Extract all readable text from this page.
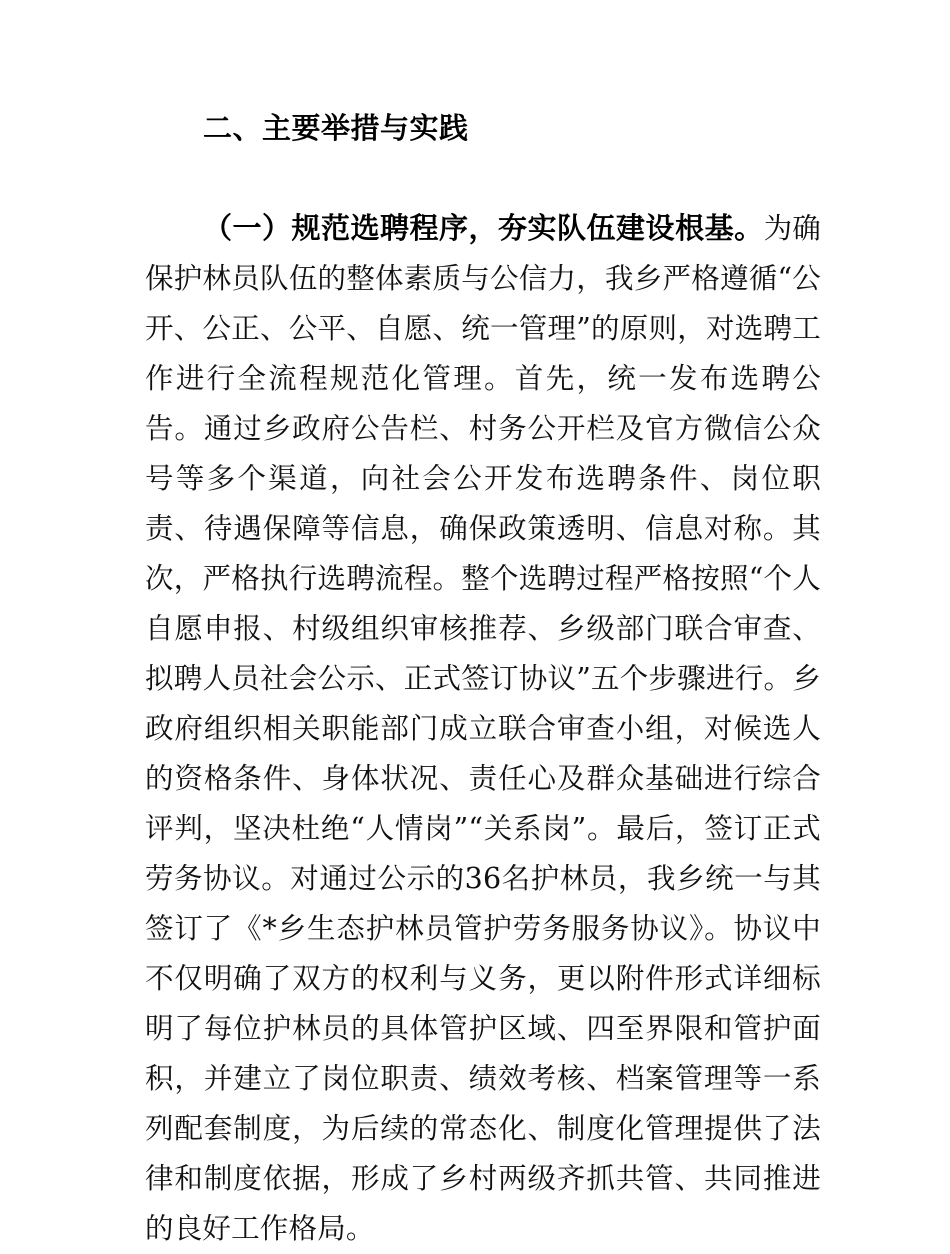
二、主要举措与实践

（一）规范选聘程序，夯实队伍建设根基。为确保护林员队伍的整体素质与公信力，我乡严格遵循“公开、公正、公平、自愿、统一管理”的原则，对选聘工作进行全流程规范化管理。首先，统一发布选聘公告。通过乡政府公告栏、村务公开栏及官方微信公众号等多个渠道，向社会公开发布选聘条件、岗位职责、待遇保障等信息，确保政策透明、信息对称。其次，严格执行选聘流程。整个选聘过程严格按照“个人自愿申报、村级组织审核推荐、乡级部门联合审查、拟聘人员社会公示、正式签订协议”五个步骤进行。乡政府组织相关职能部门成立联合审查小组，对候选人的资格条件、身体状况、责任心及群众基础进行综合评判，坚决杜绝“人情岗”“关系岗”。最后，签订正式劳务协议。对通过公示的36名护林员，我乡统一与其签订了《*乡生态护林员管护劳务服务协议》。协议中不仅明确了双方的权利与义务，更以附件形式详细标明了每位护林员的具体管护区域、四至界限和管护面积，并建立了岗位职责、绩效考核、档案管理等一系列配套制度，为后续的常态化、制度化管理提供了法律和制度依据，形成了乡村两级齐抓共管、共同推进的良好工作格局。
